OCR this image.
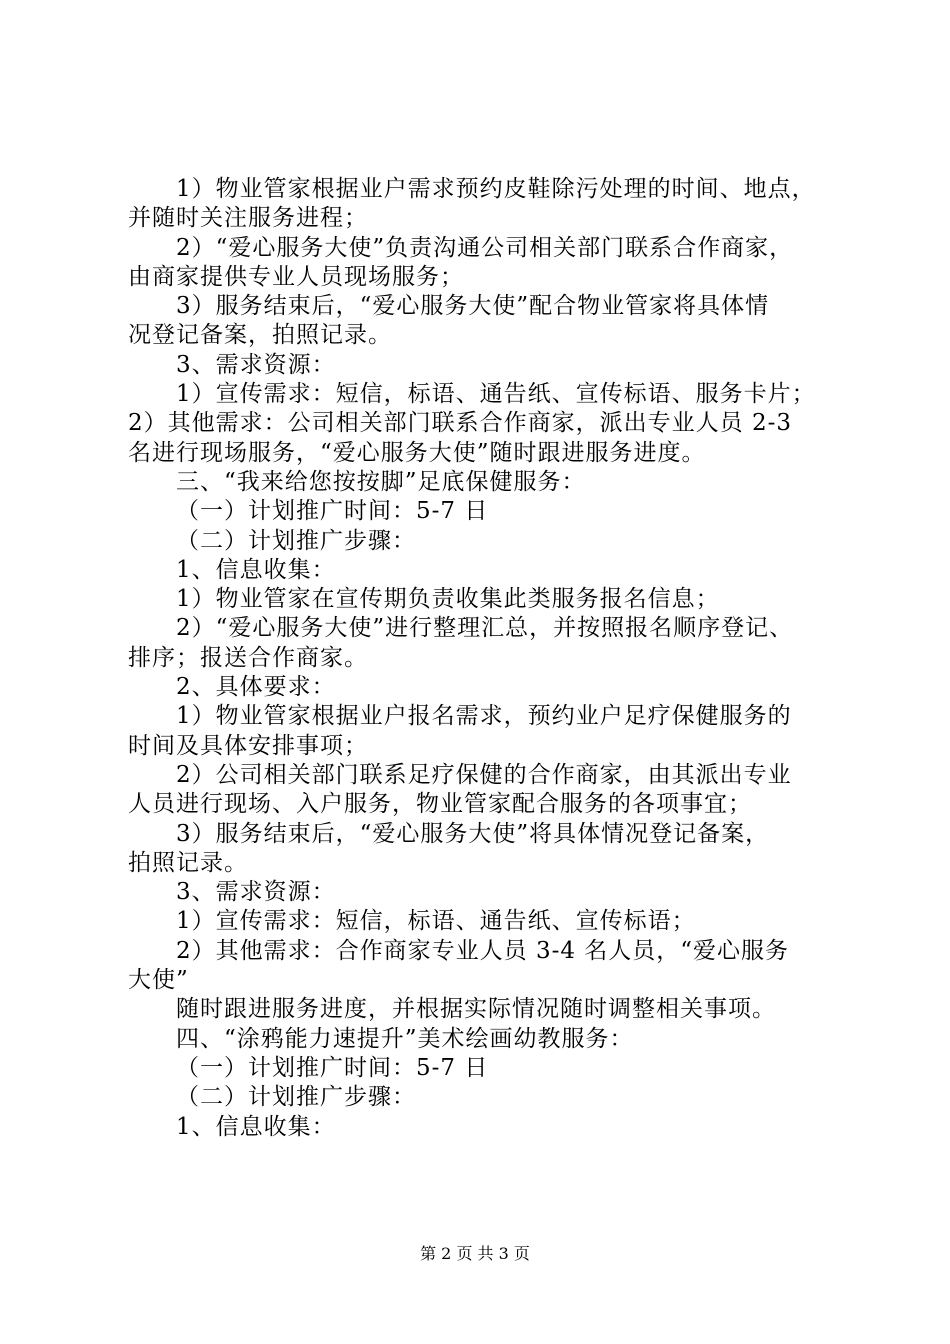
1）物业管家根据业户需求预约皮鞋除污处理的时间、地点，
并随时关注服务进程；
2）“爱心服务大使”负责沟通公司相关部门联系合作商家，
由商家提供专业人员现场服务；
3）服务结束后，“爱心服务大使”配合物业管家将具体情
况登记备案，拍照记录。
3、需求资源：
1）宣传需求：短信，标语、通告纸、宣传标语、服务卡片；
2）其他需求：公司相关部门联系合作商家，派出专业人员 2-3
名进行现场服务，“爱心服务大使”随时跟进服务进度。
三、“我来给您按按脚”足底保健服务：
（一）计划推广时间：5-7 日
（二）计划推广步骤：
1、信息收集：
1）物业管家在宣传期负责收集此类服务报名信息；
2）“爱心服务大使”进行整理汇总，并按照报名顺序登记、
排序；报送合作商家。
2、具体要求：
1）物业管家根据业户报名需求，预约业户足疗保健服务的
时间及具体安排事项；
2）公司相关部门联系足疗保健的合作商家，由其派出专业
人员进行现场、入户服务，物业管家配合服务的各项事宜；
3）服务结束后，“爱心服务大使”将具体情况登记备案，
拍照记录。
3、需求资源：
1）宣传需求：短信，标语、通告纸、宣传标语；
2）其他需求：合作商家专业人员 3-4 名人员，“爱心服务
大使”
随时跟进服务进度，并根据实际情况随时调整相关事项。
四、“涂鸦能力速提升”美术绘画幼教服务：
（一）计划推广时间：5-7 日
（二）计划推广步骤：
1、信息收集：
第 2 页 共 3 页
